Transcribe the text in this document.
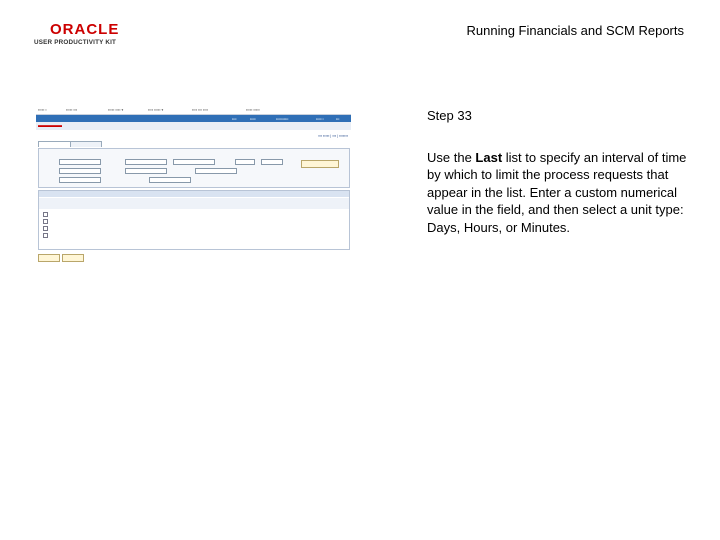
ORACLE
USER PRODUCTIVITY KIT
Running Financials and SCM Reports
▪▪▪▪▪ ▪	▪▪▪▪▪ ▪▪▪	▪▪▪▪▪ ▪▪▪▪ ▾	▪▪▪▪ ▪▪▪▪▪ ▾	▪▪▪▪ ▪▪▪ ▪▪▪▪	▪▪▪▪▪ ▪▪▪▪▪
▪▪▪▪	▪▪▪▪▪	▪▪▪▪▪▪▪▪▪▪▪	▪▪▪▪▪ ▪	▪▪▪
▬▬▬▬
▪▪▪ ▪▪▪▪▪ | ▪▪▪ | ▪▪▪▪▪▪▪
Step 33
Use the Last list to specify an interval of time by which to limit the process requests that appear in the list. Enter a custom numerical value in the field, and then select a unit type: Days, Hours, or Minutes.
